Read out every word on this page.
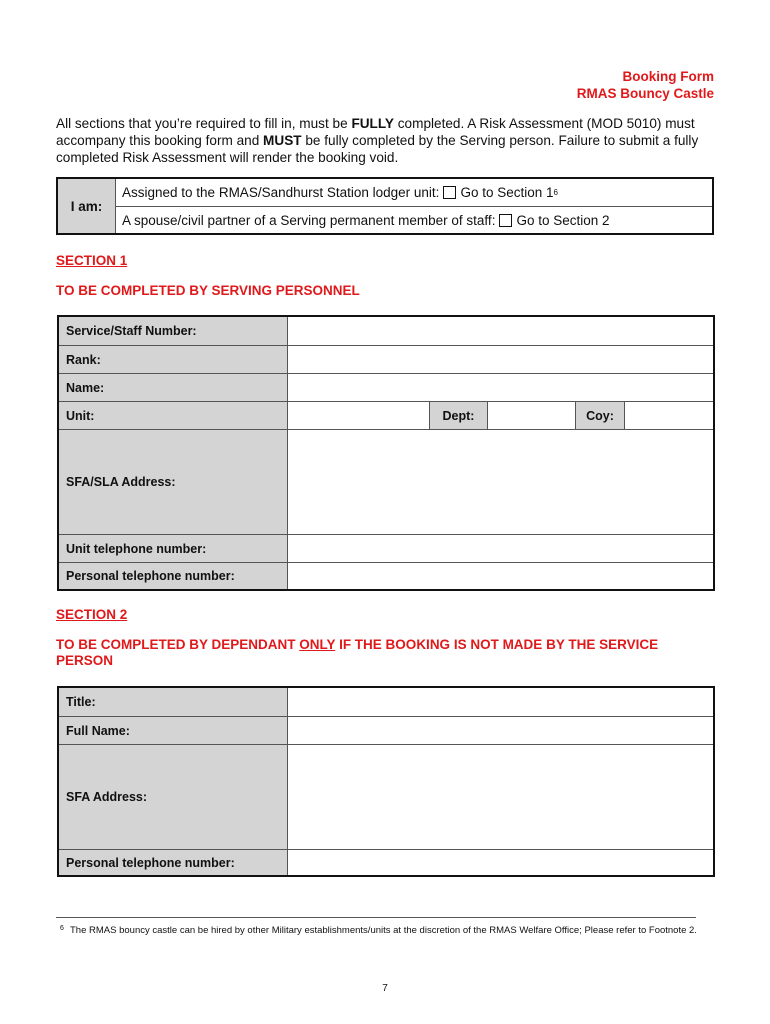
Booking Form
RMAS Bouncy Castle
All sections that you’re required to fill in, must be FULLY completed. A Risk Assessment (MOD 5010) must accompany this booking form and MUST be fully completed by the Serving person. Failure to submit a fully completed Risk Assessment will render the booking void.
I am:
Assigned to the RMAS/Sandhurst Station lodger unit: Go to Section 1 6
A spouse/civil partner of a Serving permanent member of staff: Go to Section 2
SECTION 1
TO BE COMPLETED BY SERVING PERSONNEL
Service/Staff Number:
Rank:
Name:
Unit:	Dept:	Coy:
SFA/SLA Address:
Unit telephone number:
Personal telephone number:
SECTION 2
TO BE COMPLETED BY DEPENDANT ONLY IF THE BOOKING IS NOT MADE BY THE SERVICE PERSON
Title:
Full Name:
SFA Address:
Personal telephone number:
6 The RMAS bouncy castle can be hired by other Military establishments/units at the discretion of the RMAS Welfare Office; Please refer to Footnote 2.
7
